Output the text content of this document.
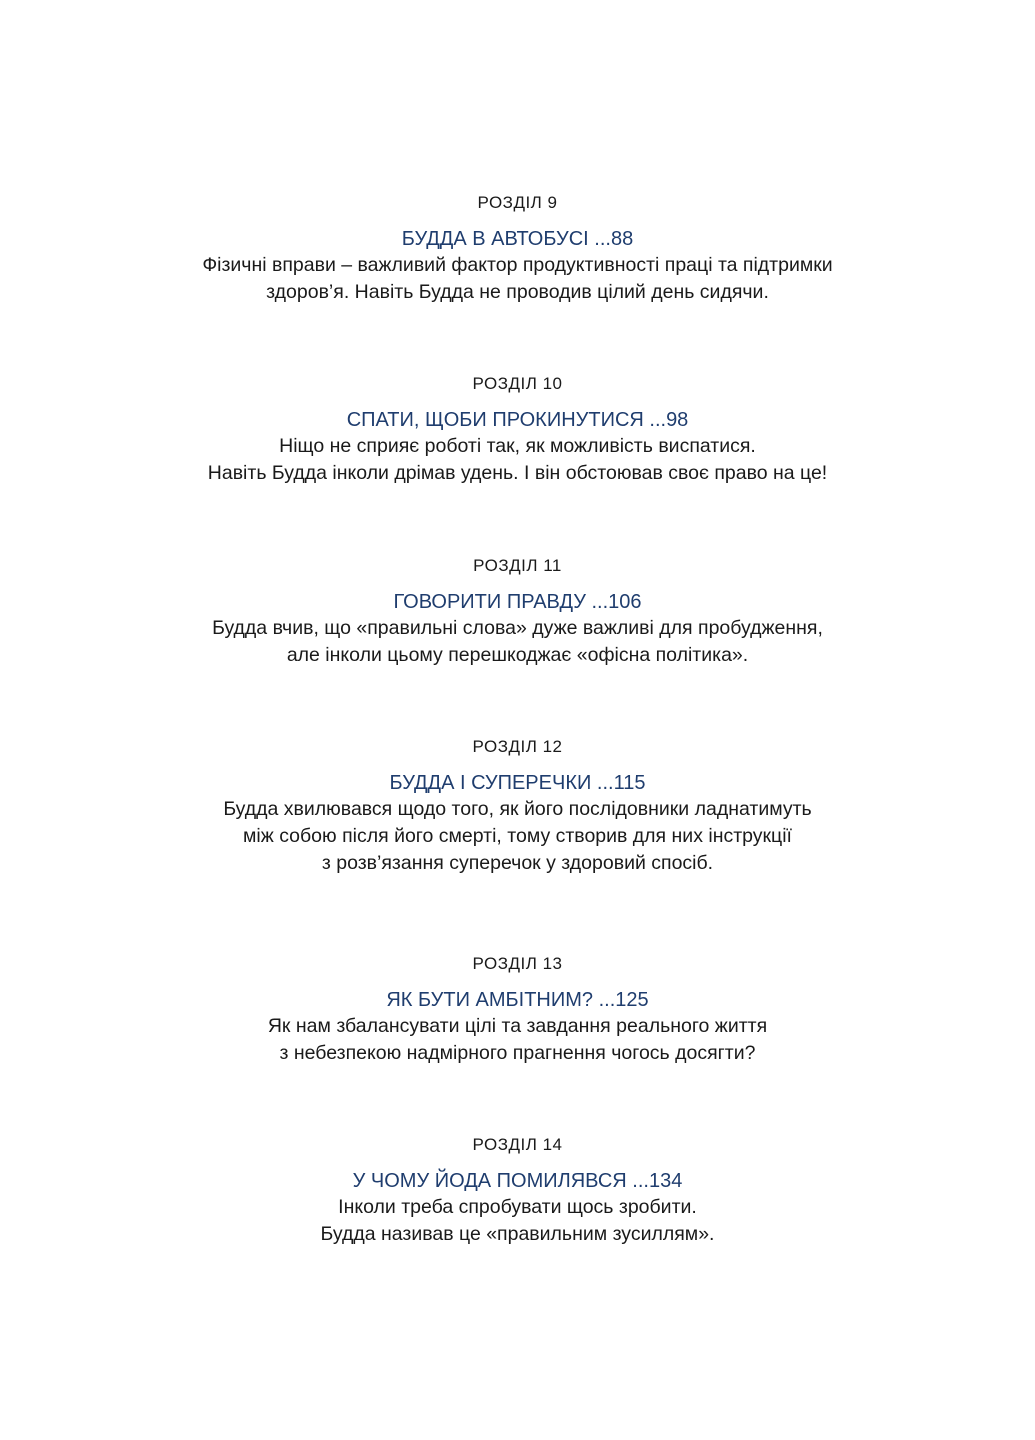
РОЗДІЛ 9
БУДДА В АВТОБУСІ ...88
Фізичні вправи – важливий фактор продуктивності праці та підтримки
здоров’я. Навіть Будда не проводив цілий день сидячи.
РОЗДІЛ 10
СПАТИ, ЩОБИ ПРОКИНУТИСЯ ...98
Ніщо не сприяє роботі так, як можливість виспатися.
Навіть Будда інколи дрімав удень. І він обстоював своє право на це!
РОЗДІЛ 11
ГОВОРИТИ ПРАВДУ ...106
Будда вчив, що «правильні слова» дуже важливі для пробудження,
але інколи цьому перешкоджає «офісна політика».
РОЗДІЛ 12
БУДДА І СУПЕРЕЧКИ ...115
Будда хвилювався щодо того, як його послідовники ладнатимуть
між собою після його смерті, тому створив для них інструкції
з розв’язання суперечок у здоровий спосіб.
РОЗДІЛ 13
ЯК БУТИ АМБІТНИМ? ...125
Як нам збалансувати цілі та завдання реального життя
з небезпекою надмірного прагнення чогось досягти?
РОЗДІЛ 14
У ЧОМУ ЙОДА ПОМИЛЯВСЯ ...134
Інколи треба спробувати щось зробити.
Будда називав це «правильним зусиллям».
